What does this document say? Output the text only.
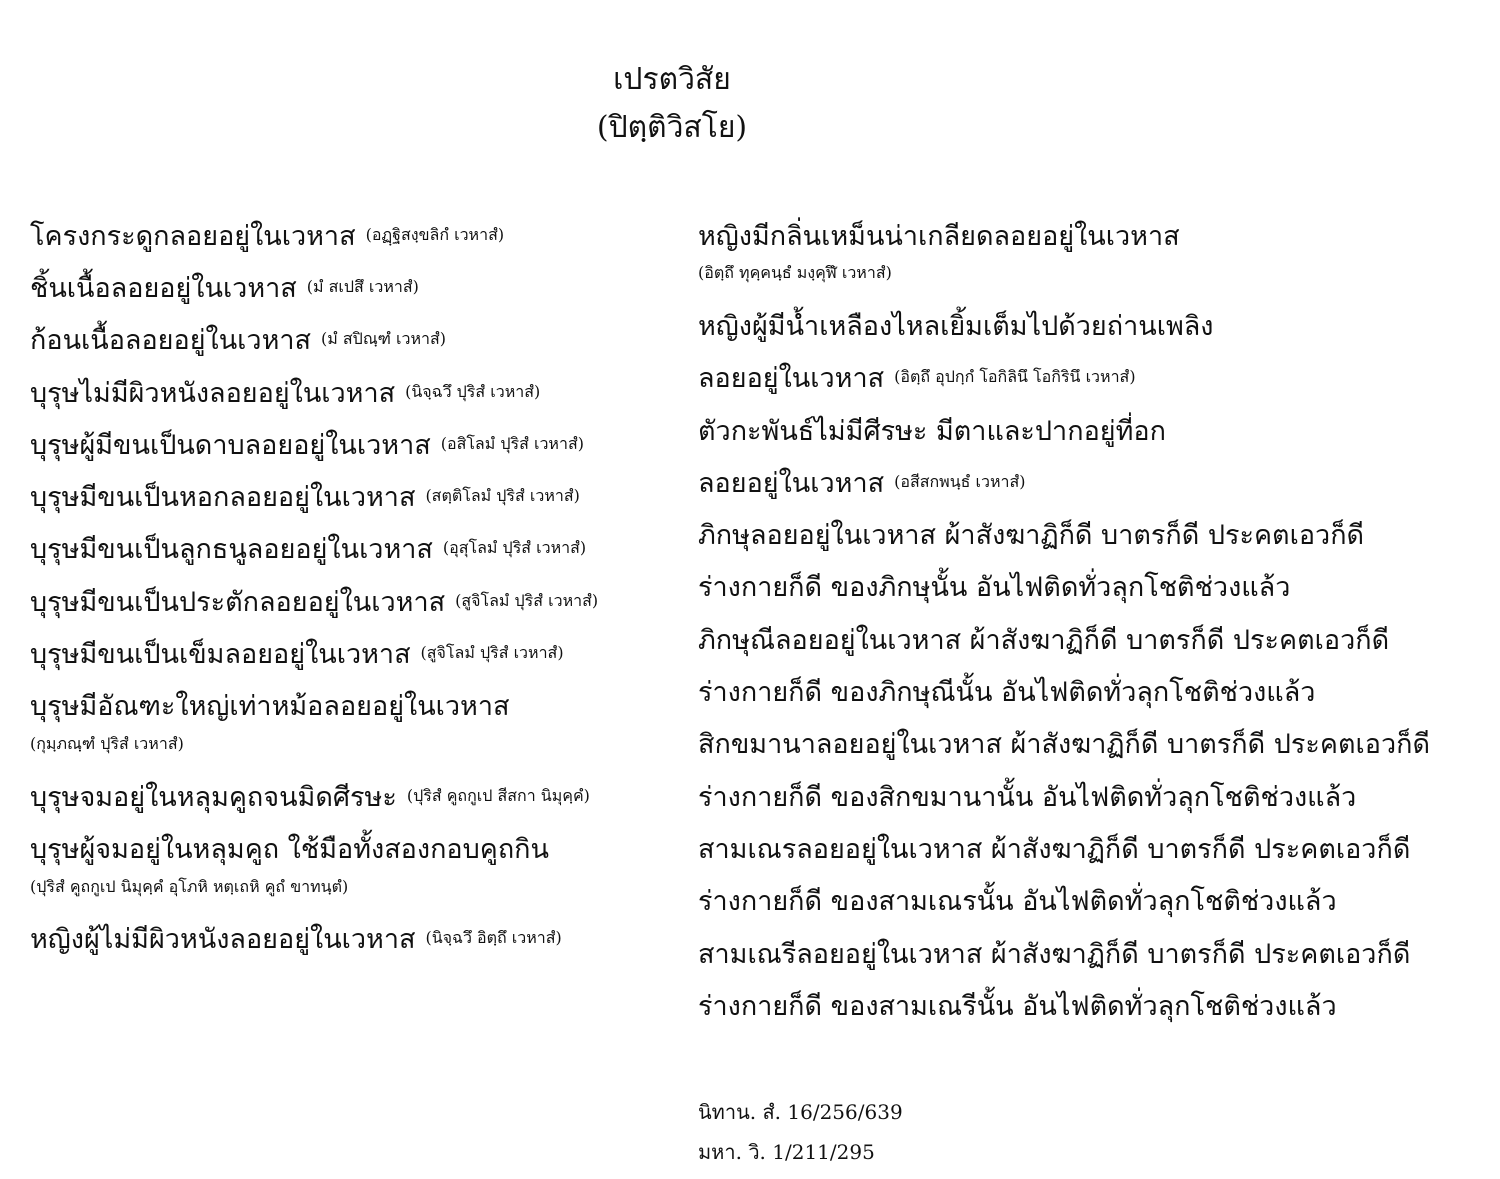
เปรตวิสัย
(ปิตฺติวิสโย)
โครงกระดูกลอยอยู่ในเวหาส (อฏฺฐิสงฺขลิกํ เวหาสํ)
ชิ้นเนื้อลอยอยู่ในเวหาส (มํ สเปสึ เวหาสํ)
ก้อนเนื้อลอยอยู่ในเวหาส (มํ สปิณฺฑํ เวหาสํ)
บุรุษไม่มีผิวหนังลอยอยู่ในเวหาส (นิจฺฉวึ ปุริสํ เวหาสํ)
บุรุษผู้มีขนเป็นดาบลอยอยู่ในเวหาส (อสิโลมํ ปุริสํ เวหาสํ)
บุรุษมีขนเป็นหอกลอยอยู่ในเวหาส (สตฺติโลมํ ปุริสํ เวหาสํ)
บุรุษมีขนเป็นลูกธนูลอยอยู่ในเวหาส (อุสุโลมํ ปุริสํ เวหาสํ)
บุรุษมีขนเป็นประตักลอยอยู่ในเวหาส (สูจิโลมํ ปุริสํ เวหาสํ)
บุรุษมีขนเป็นเข็มลอยอยู่ในเวหาส (สูจิโลมํ ปุริสํ เวหาสํ)
บุรุษมีอัณฑะใหญ่เท่าหม้อลอยอยู่ในเวหาส
(กุมฺภณฺฑํ ปุริสํ เวหาสํ)
บุรุษจมอยู่ในหลุมคูถจนมิดศีรษะ (ปุริสํ คูถกูเป สีสกา นิมุคฺคํ)
บุรุษผู้จมอยู่ในหลุมคูถ ใช้มือทั้งสองกอบคูถกิน
(ปุริสํ คูถกูเป นิมุคฺคํ อุโภหิ หตฺเถหิ คูถํ ขาทนฺตํ)
หญิงผู้ไม่มีผิวหนังลอยอยู่ในเวหาส (นิจฺฉวึ อิตฺถึ เวหาสํ)
หญิงมีกลิ่นเหม็นน่าเกลียดลอยอยู่ในเวหาส
(อิตฺถึ ทุคฺคนฺธํ มงฺคุฬึ เวหาสํ)
หญิงผู้มีน้ำเหลืองไหลเยิ้มเต็มไปด้วยถ่านเพลิง
ลอยอยู่ในเวหาส (อิตฺถึ อุปกฺกํ โอกิลินึ โอกิรินึ เวหาสํ)
ตัวกะพันธ์ไม่มีศีรษะ มีตาและปากอยู่ที่อก
ลอยอยู่ในเวหาส (อสีสกพนฺธํ เวหาสํ)
ภิกษุลอยอยู่ในเวหาส ผ้าสังฆาฏิก็ดี บาตรก็ดี ประคตเอวก็ดี
ร่างกายก็ดี ของภิกษุนั้น อันไฟติดทั่วลุกโชติช่วงแล้ว
ภิกษุณีลอยอยู่ในเวหาส ผ้าสังฆาฏิก็ดี บาตรก็ดี ประคตเอวก็ดี
ร่างกายก็ดี ของภิกษุณีนั้น อันไฟติดทั่วลุกโชติช่วงแล้ว
สิกขมานาลอยอยู่ในเวหาส ผ้าสังฆาฏิก็ดี บาตรก็ดี ประคตเอวก็ดี
ร่างกายก็ดี ของสิกขมานานั้น อันไฟติดทั่วลุกโชติช่วงแล้ว
สามเณรลอยอยู่ในเวหาส ผ้าสังฆาฏิก็ดี บาตรก็ดี ประคตเอวก็ดี
ร่างกายก็ดี ของสามเณรนั้น อันไฟติดทั่วลุกโชติช่วงแล้ว
สามเณรีลอยอยู่ในเวหาส ผ้าสังฆาฏิก็ดี บาตรก็ดี ประคตเอวก็ดี
ร่างกายก็ดี ของสามเณรีนั้น อันไฟติดทั่วลุกโชติช่วงแล้ว
นิทาน. สํ. 16/256/639
มหา. วิ. 1/211/295
